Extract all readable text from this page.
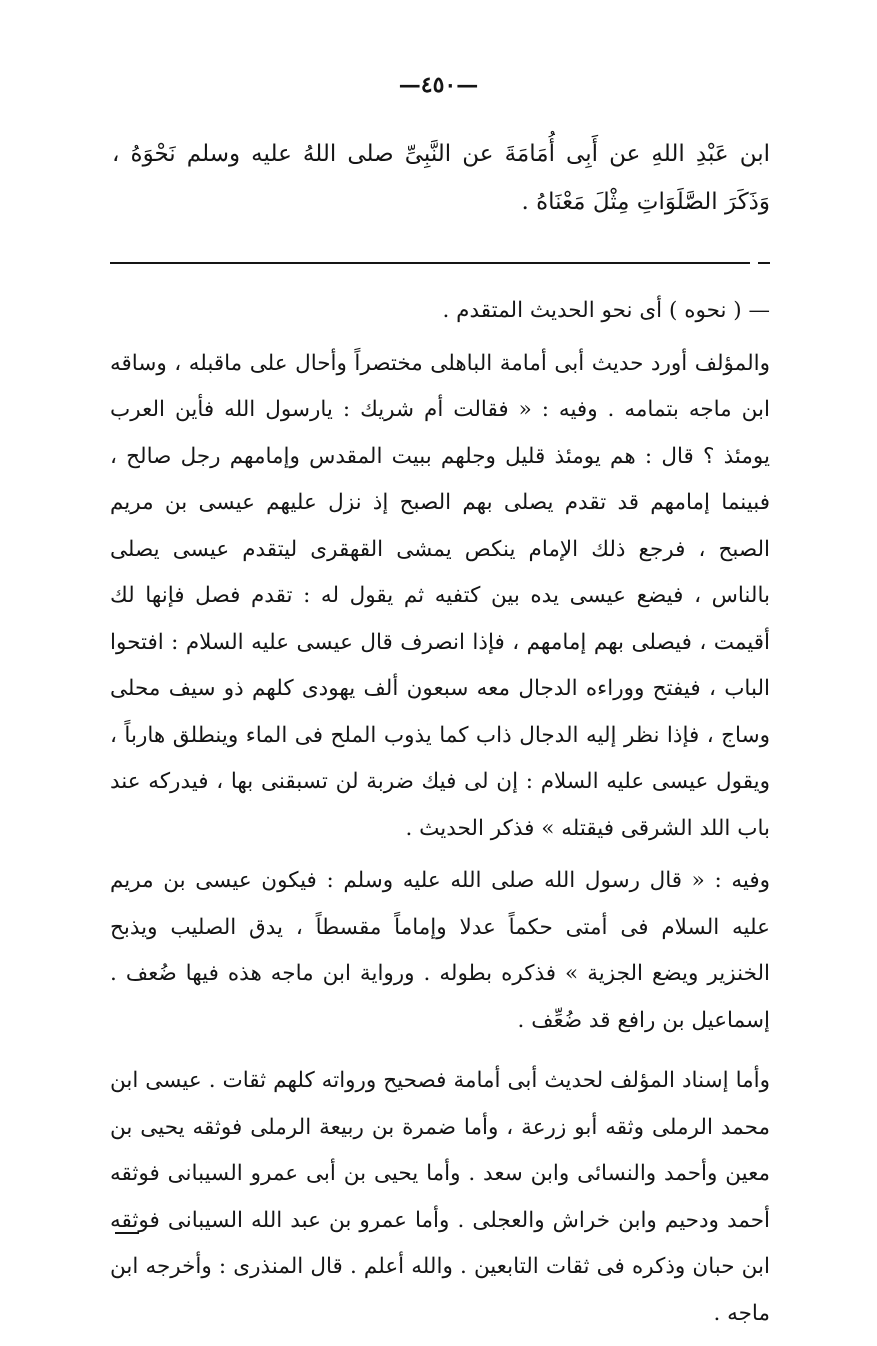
—٤٥٠—

ابن عَبْدِ اللهِ عن أَبِى أُمَامَةَ عن النَّبِىِّ صلى اللهُ عليه وسلم نَحْوَهُ ، وَذَكَرَ الصَّلَوَاتِ مِثْلَ مَعْنَاهُ .

— ( نحوه ) أى نحو الحديث المتقدم .

والمؤلف أورد حديث أبى أمامة الباهلى مختصراً وأحال على ماقبله ، وساقه ابن ماجه بتمامه . وفيه : « فقالت أم شريك : يارسول الله فأين العرب يومئذ ؟ قال : هم يومئذ قليل وجلهم ببيت المقدس وإمامهم رجل صالح ، فبينما إمامهم قد تقدم يصلى بهم الصبح إذ نزل عليهم عيسى بن مريم الصبح ، فرجع ذلك الإمام ينكص يمشى القهقرى ليتقدم عيسى يصلى بالناس ، فيضع عيسى يده بين كتفيه ثم يقول له : تقدم فصل فإنها لك أقيمت ، فيصلى بهم إمامهم ، فإذا انصرف قال عيسى عليه السلام : افتحوا الباب ، فيفتح ووراءه الدجال معه سبعون ألف يهودى كلهم ذو سيف محلى وساج ، فإذا نظر إليه الدجال ذاب كما يذوب الملح فى الماء وينطلق هارباً ، ويقول عيسى عليه السلام : إن لى فيك ضربة لن تسبقنى بها ، فيدركه عند باب اللد الشرقى فيقتله » فذكر الحديث .

وفيه : « قال رسول الله صلى الله عليه وسلم : فيكون عيسى بن مريم عليه السلام فى أمتى حكماً عدلا وإماماً مقسطاً ، يدق الصليب ويذبح الخنزير ويضع الجزية » فذكره بطوله . ورواية ابن ماجه هذه فيها ضُعف . إسماعيل بن رافع قد ضُعِّف .

وأما إسناد المؤلف لحديث أبى أمامة فصحيح ورواته كلهم ثقات . عيسى ابن محمد الرملى وثقه أبو زرعة ، وأما ضمرة بن ربيعة الرملى فوثقه يحيى بن معين وأحمد والنسائى وابن سعد . وأما يحيى بن أبى عمرو السيبانى فوثقه أحمد ودحيم وابن خراش والعجلى . وأما عمرو بن عبد الله السيبانى فوثقه ابن حبان وذكره فى ثقات التابعين . والله أعلم . قال المنذرى : وأخرجه ابن ماجه .
